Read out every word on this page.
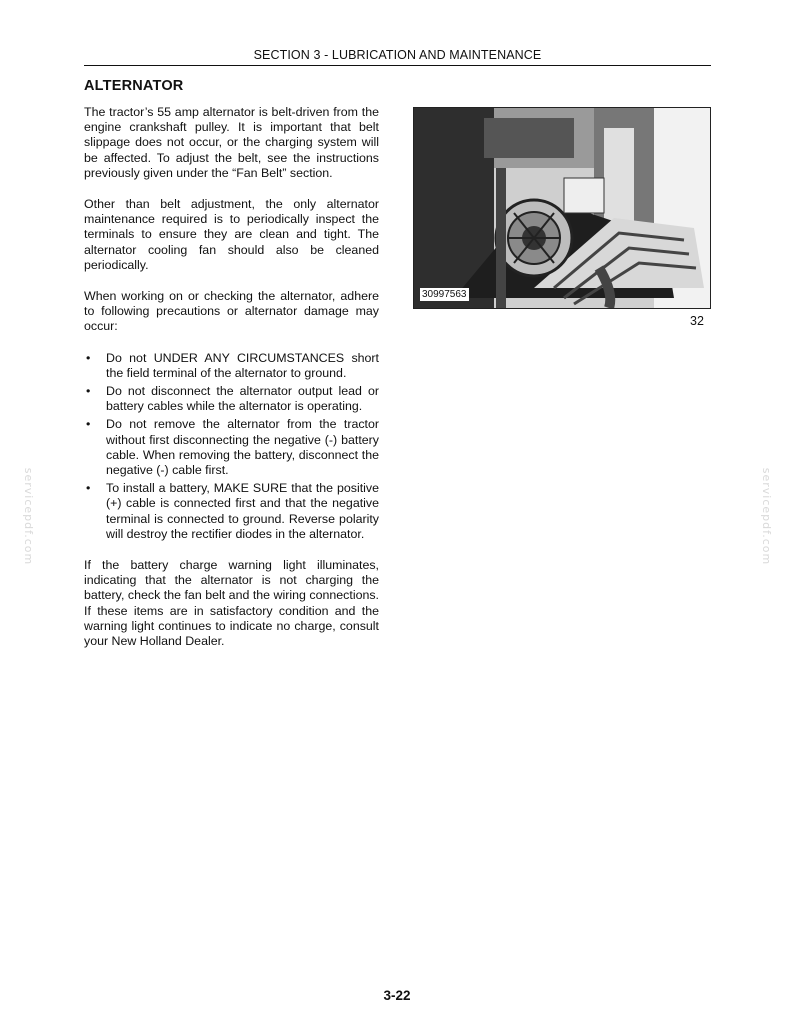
SECTION 3 - LUBRICATION AND MAINTENANCE
ALTERNATOR

The tractor’s 55 amp alternator is belt-driven from the engine crankshaft pulley. It is important that belt slippage does not occur, or the charging system will be affected. To adjust the belt, see the instructions previously given under the “Fan Belt” section.

Other than belt adjustment, the only alternator maintenance required is to periodically inspect the terminals to ensure they are clean and tight. The alternator cooling fan should also be cleaned periodically.

When working on or checking the alternator, adhere to following precautions or alternator damage may occur:

• Do not UNDER ANY CIRCUMSTANCES short the field terminal of the alternator to ground.
• Do not disconnect the alternator output lead or battery cables while the alternator is operating.
• Do not remove the alternator from the tractor without first disconnecting the negative (-) battery cable. When removing the battery, disconnect the negative (-) cable first.
• To install a battery, MAKE SURE that the positive (+) cable is connected first and that the negative terminal is connected to ground. Reverse polarity will destroy the rectifier diodes in the alternator.

If the battery charge warning light illuminates, indicating that the alternator is not charging the battery, check the fan belt and the wiring connections. If these items are in satisfactory condition and the warning light continues to indicate no charge, consult your New Holland Dealer.

30997563
32
servicepdf.com	servicepdf.com
3-22
